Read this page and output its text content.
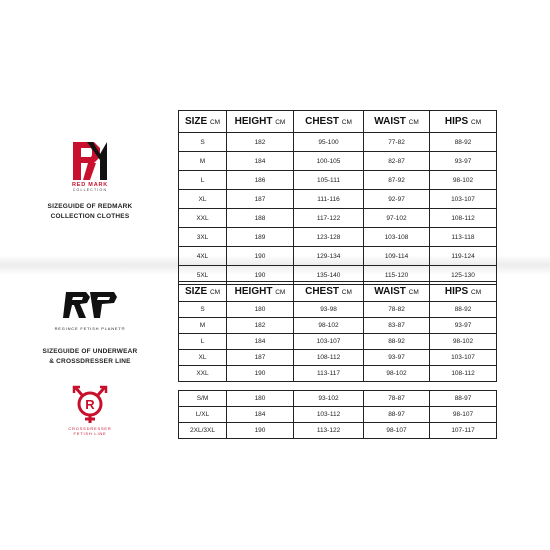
RED MARK
COLLECTION
SIZEGUIDE OF REDMARK
COLLECTION CLOTHES
REGINCE FETISH PLANET®
SIZEGUIDE OF UNDERWEAR
& CROSSDRESSER LINE
R
CROSSDRESSER
FETISH LINE
SIZE CM	HEIGHT CM	CHEST CM	WAIST CM	HIPS CM
S	182	95-100	77-82	88-92
M	184	100-105	82-87	93-97
L	186	105-111	87-92	98-102
XL	187	111-116	92-97	103-107
XXL	188	117-122	97-102	108-112
3XL	189	123-128	103-108	113-118
4XL	190	129-134	109-114	119-124
5XL	190	135-140	115-120	125-130
SIZE CM	HEIGHT CM	CHEST CM	WAIST CM	HIPS CM
S	180	93-98	78-82	88-92
M	182	98-102	83-87	93-97
L	184	103-107	88-92	98-102
XL	187	108-112	93-97	103-107
XXL	190	113-117	98-102	108-112
S/M	180	93-102	78-87	88-97
L/XL	184	103-112	88-97	98-107
2XL/3XL	190	113-122	98-107	107-117
